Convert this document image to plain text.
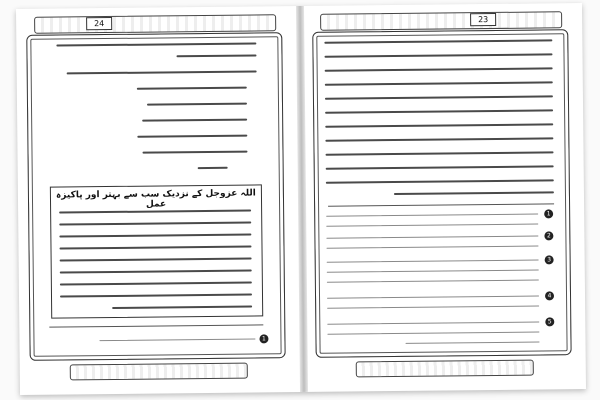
24
اللہ عزوجل کے نزدیک سب سے بہتر اور پاکیزہ عمل
1
23
1
2
3
4
5
